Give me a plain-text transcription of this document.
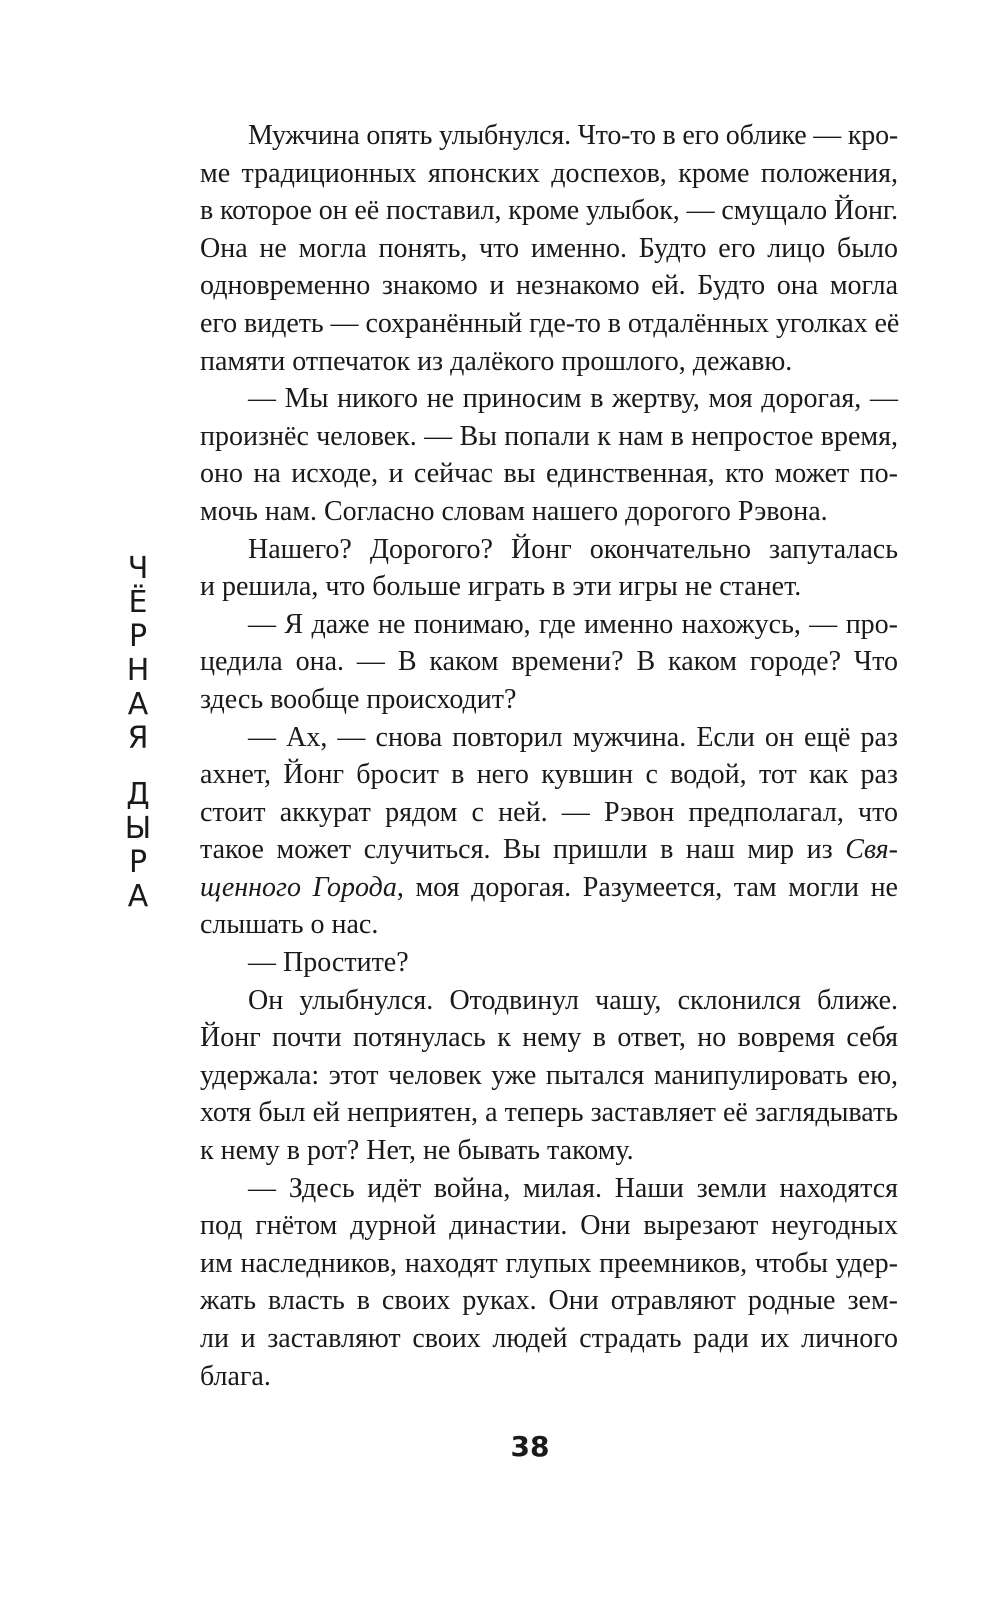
Ч
Ё
Р
Н
А
Я
Д
Ы
Р
А
Мужчина опять улыбнулся. Что-то в его облике — кро-
ме традиционных японских доспехов, кроме положения,
в которое он её поставил, кроме улыбок, — смущало Йонг.
Она не могла понять, что именно. Будто его лицо было
одновременно знакомо и незнакомо ей. Будто она могла
его видеть — сохранённый где-то в отдалённых уголках её
памяти отпечаток из далёкого прошлого, дежавю.
— Мы никого не приносим в жертву, моя дорогая, —
произнёс человек. — Вы попали к нам в непростое время,
оно на исходе, и сейчас вы единственная, кто может по-
мочь нам. Согласно словам нашего дорогого Рэвона.
Нашего? Дорогого? Йонг окончательно запуталась
и решила, что больше играть в эти игры не станет.
— Я даже не понимаю, где именно нахожусь, — про-
цедила она. — В каком времени? В каком городе? Что
здесь вообще происходит?
— Ах, — снова повторил мужчина. Если он ещё раз
ахнет, Йонг бросит в него кувшин с водой, тот как раз
стоит аккурат рядом с ней. — Рэвон предполагал, что
такое может случиться. Вы пришли в наш мир из Свя-
щенного Города, моя дорогая. Разумеется, там могли не
слышать о нас.
— Простите?
Он улыбнулся. Отодвинул чашу, склонился ближе.
Йонг почти потянулась к нему в ответ, но вовремя себя
удержала: этот человек уже пытался манипулировать ею,
хотя был ей неприятен, а теперь заставляет её заглядывать
к нему в рот? Нет, не бывать такому.
— Здесь идёт война, милая. Наши земли находятся
под гнётом дурной династии. Они вырезают неугодных
им наследников, находят глупых преемников, чтобы удер-
жать власть в своих руках. Они отравляют родные зем-
ли и заставляют своих людей страдать ради их личного
блага.
38
